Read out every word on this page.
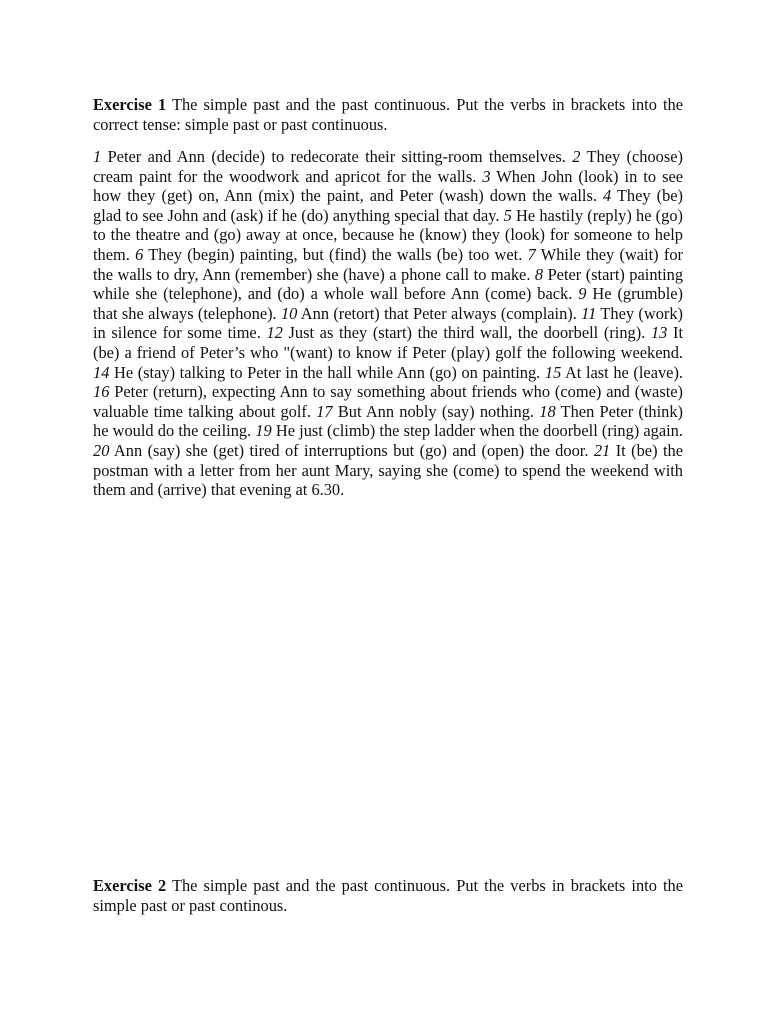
Exercise 1 The simple past and the past continuous. Put the verbs in brackets into the correct tense: simple past or past continuous.
1 Peter and Ann (decide) to redecorate their sitting-room themselves. 2 They (choose) cream paint for the woodwork and apricot for the walls. 3 When John (look) in to see how they (get) on, Ann (mix) the paint, and Peter (wash) down the walls. 4 They (be) glad to see John and (ask) if he (do) anything special that day. 5 He hastily (reply) he (go) to the theatre and (go) away at once, because he (know) they (look) for someone to help them. 6 They (begin) painting, but (find) the walls (be) too wet. 7 While they (wait) for the walls to dry, Ann (remember) she (have) a phone call to make. 8 Peter (start) painting while she (telephone), and (do) a whole wall before Ann (come) back. 9 He (grumble) that she always (telephone). 10 Ann (retort) that Peter always (complain). 11 They (work) in silence for some time. 12 Just as they (start) the third wall, the doorbell (ring). 13 It (be) a friend of Peter’s who "(want) to know if Peter (play) golf the following weekend. 14 He (stay) talking to Peter in the hall while Ann (go) on painting. 15 At last he (leave). 16 Peter (return), expecting Ann to say something about friends who (come) and (waste) valuable time talking about golf. 17 But Ann nobly (say) nothing. 18 Then Peter (think) he would do the ceiling. 19 He just (climb) the step ladder when the doorbell (ring) again. 20 Ann (say) she (get) tired of interruptions but (go) and (open) the door. 21 It (be) the postman with a letter from her aunt Mary, saying she (come) to spend the weekend with them and (arrive) that evening at 6.30.
Exercise 2 The simple past and the past continuous. Put the verbs in brackets into the simple past or past continous.
